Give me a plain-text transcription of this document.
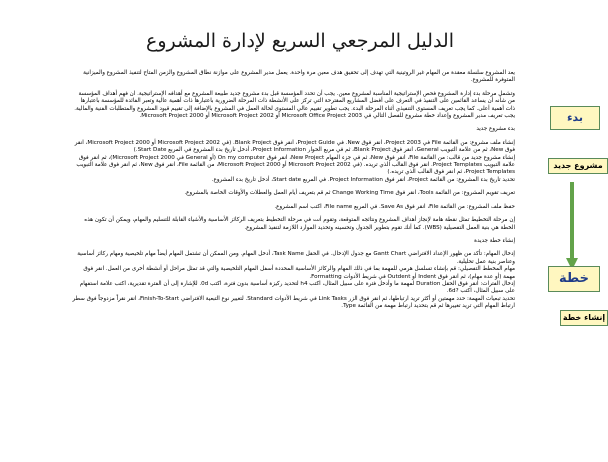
الدليل المرجعي السريع لإدارة المشروع

يعد المشروع سلسلة معقدة من المهام غير الروتينية التي تهدف إلى تحقيق هدف معين مرة واحدة. يعمل مدير المشروع على موازنة نطاق المشروع والزمن المتاح لتنفيذ المشروع والميزانية المتوفرة للمشروع.

وتشمل مرحلة بدء إدارة المشروع فحص الإستراتيجية المناسبة لمشروع معين. يجب أن تحدد المؤسسة قبل بدء مشروع جديد طبيعة المشروع مع أهدافه الإستراتيجية. ان فهم أهداف المؤسسة من شأنه أن يساعد القائمين على التنفيذ في التعرف على أفضل المشاريع المقترحة التي تركز على الأنشطة ذات المرحلة الضرورية باعتبارها ذات أهمية عالية وتعبر الفائدة للمؤسسة باعتبارها ذات أهمية أعلى. كما يجب تعريف المستوى التنفيذي أثناء المرحلة البدء. يجب تطوير تقييم عالي المستوى لحالة العمل في المشروع بالإضافة إلى تقييم قيود المشروع والمتطلبات الفنية والمالية. يجب تعريف مدير المشروع وإعداد خطة مشروع للفصل التالي في Microsoft Office Project 2003 أو Microsoft Project 2002 أو Microsoft Project 2000.

بدء مشروع جديد

إنشاء ملف مشروع: من القائمة File في Project 2003، انقر فوق New. في Project Guide، انقر فوق Blank Project. (في Microsoft Project 2002 أو Microsoft Project 2000، انقر فوق New، ثم من علامة التبويب General، انقر فوق Blank Project، ثم في مربع الحوار Project Information، أدخل تاريخ بدء المشروع في المربع Start Date.)

إنشاء مشروع جديد من قالب: من القائمة File، انقر فوق New، ثم في جزء المهام New Project، انقر فوق On my computer (أو General في Microsoft Project 2000)، ثم انقر فوق علامة التبويب Project Templates. انقر فوق القالب الذي تريده. (في Microsoft Project 2002 أو Microsoft Project 2000، من القائمة File، انقر فوق New، ثم انقر فوق علامة التبويب Project Templates، ثم انقر فوق القالب الذي تريده.)

تحديد تاريخ بدء المشروع: من القائمة Project، انقر فوق Project Information. في المربع Start date، أدخل تاريخ بدء المشروع.

تعريف تقويم المشروع: من القائمة Tools، انقر فوق Change Working Time ثم قم بتعريف أيام العمل والعطلات والأوقات الخاصة بالمشروع.

حفظ ملف المشروع: من القائمة File، انقر فوق Save As. في المربع File name، اكتب اسم المشروع.

إن مرحلة التخطيط تمثل نقطة هامة لإنجاز أهداف المشروع ونتائجه المتوقعة، وتقوم أنت في مرحلة التخطيط بتعريف الركائز الأساسية والأشياء القابلة للتسليم والمهام، ويمكن أن تكون هذه الخطة هي بنية العمل التفصيلية (WBS). كما أنك تقوم بتطوير الجدول وتحسينه وتحديد الموارد اللازمة لتنفيذ المشروع.

إنشاء خطة جديدة

إدخال المهام: تأكد من ظهور الإعداد الافتراضي Gantt Chart مع جدول الإدخال. في الحقل Task Name، أدخل المهام. ومن الممكن أن تشتمل المهام أيضاً مهام تلخيصية ومهام ركائز أساسية وعناصر بنية عمل تحليلية.

مهام المخطط التفصيلي: قم بإنشاء تسلسل هرمي للمهمة بما في ذلك المهام والركائز الأساسية المحددة أسفل المهام التلخيصية والتي قد تمثل مراحل أو أنشطة أخرى من العمل. انقر فوق مهمة (أو عدة مهام)، ثم انقر فوق Indent أو Outdent في شريط الأدوات Formatting.

إدخال الفترات: انقر فوق الحقل Duration لمهمة ما وأدخل فترة على سبيل المثال، اكتب h4 لتحديد ركيزة أساسية بدون فترة، اكتب 0d. للإشارة إلى أن الفترة تقديرية، اكتب علامة استفهام على سبيل المثال، اكتب ?6d.

تحديد تبعيات المهمة: حدد مهمتين أو أكثر تريد ارتباطها، ثم انقر فوق الزر Link Tasks في شريط الأدوات Standard. لتغيير نوع التبعية الافتراضي Finish-To-Start، انقر نقراً مزدوجاً فوق سطر ارتباط المهام التي تريد تغييرها ثم قم بتحديد ارتباط مهمة من القائمة Type.

بدء
مشروع جديد
خطة
إنشاء خطة
